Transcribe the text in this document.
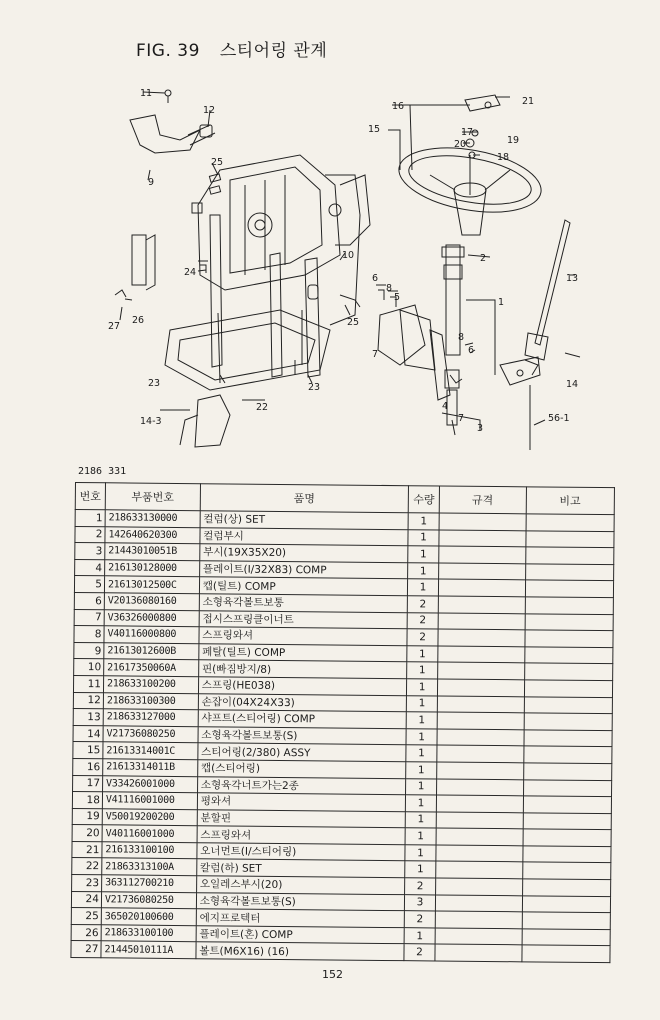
FIG. 39 스티어링 관계
11
12
9
25
10
24
26
27	25
23
22
23
14-3
16	21
15	17
19
20
18
2
1
13
6
8
5
7
8
6
14
4
7
3
56-1
2186 331
번호	부품번호	품명	수량	규격	비고
1	218633130000	컬럼(상) SET	1		
2	142640620300	컬럼부시	1		
3	21443010051B	부시(19X35X20)	1		
4	216130128000	플레이트(I/32X83) COMP	1		
5	21613012500C	캡(틸트) COMP	1		
6	V20136080160	소형육각볼트보통	2		
7	V36326000800	접시스프링클이너트	2		
8	V40116000800	스프링와셔	2		
9	21613012600B	페탈(틸트) COMP	1		
10	21617350060A	핀(빠짐방지/8)	1		
11	218633100200	스프링(HE038)	1		
12	218633100300	손잡이(04X24X33)	1		
13	218633127000	샤프트(스티어링) COMP	1		
14	V21736080250	소형육각볼트보통(S)	1		
15	21613314001C	스티어링(2/380) ASSY	1		
16	21613314011B	캡(스티어링)	1		
17	V33426001000	소형육각너트가는2종	1		
18	V41116001000	평와셔	1		
19	V50019200200	분할핀	1		
20	V40116001000	스프링와셔	1		
21	216133100100	오너먼트(I/스티어링)	1		
22	21863313100A	칼럼(하) SET	1		
23	363112700210	오일레스부시(20)	2		
24	V21736080250	소형육각볼트보통(S)	3		
25	365020100600	에지프로텍터	2		
26	218633100100	플레이트(혼) COMP	1		
27	21445010111A	볼트(M6X16) (16)	2		
152
